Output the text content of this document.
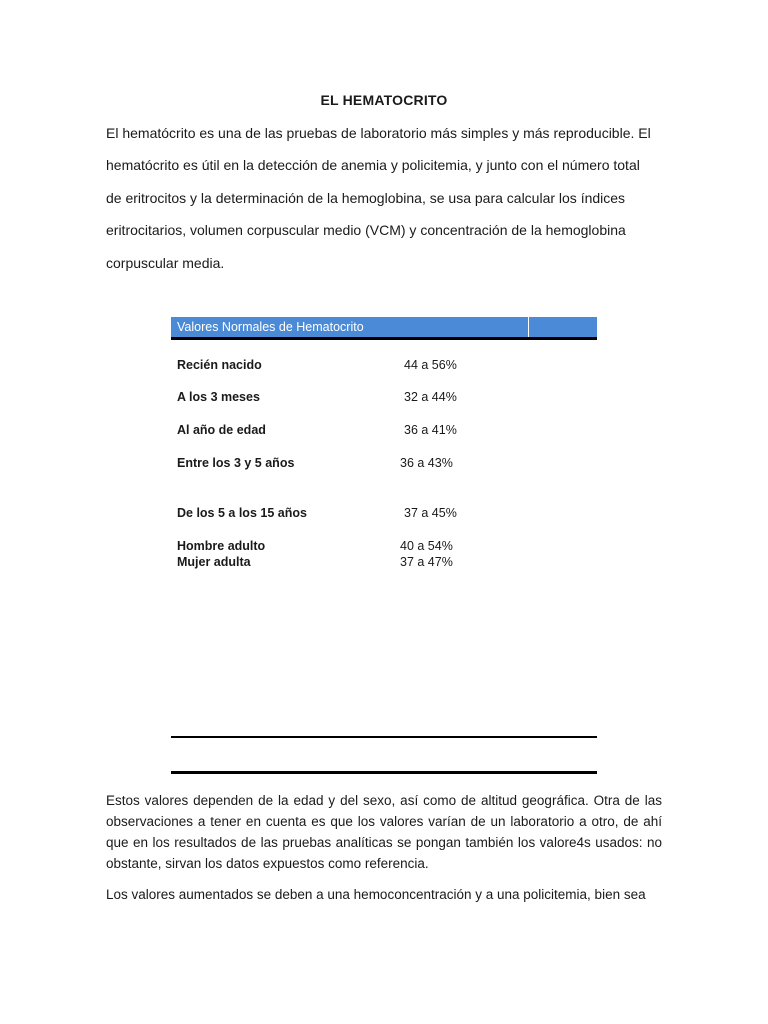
EL HEMATOCRITO
El hematócrito es una de las pruebas de laboratorio más simples y más reproducible. El
hematócrito es útil en la detección de anemia y policitemia, y junto con el número total
de eritrocitos y la determinación de la hemoglobina, se usa para calcular los índices
eritrocitarios, volumen corpuscular medio (VCM) y concentración de la hemoglobina
corpuscular media.
Valores Normales de Hematocrito
Recién nacido	44 a 56%
A los 3 meses	32 a 44%
Al año de edad	36 a 41%
Entre los 3 y 5 años	36 a 43%
De los 5 a los 15 años	37 a 45%
Hombre adulto	40 a 54%
Mujer adulta	37 a 47%

Estos valores dependen de la edad y del sexo, así como de altitud geográfica. Otra de las observaciones a tener en cuenta es que los valores varían de un laboratorio a otro, de ahí que en los resultados de las pruebas analíticas se pongan también los valore4s usados: no obstante, sirvan los datos expuestos como referencia.

Los valores aumentados se deben a una hemoconcentración y a una policitemia, bien sea
